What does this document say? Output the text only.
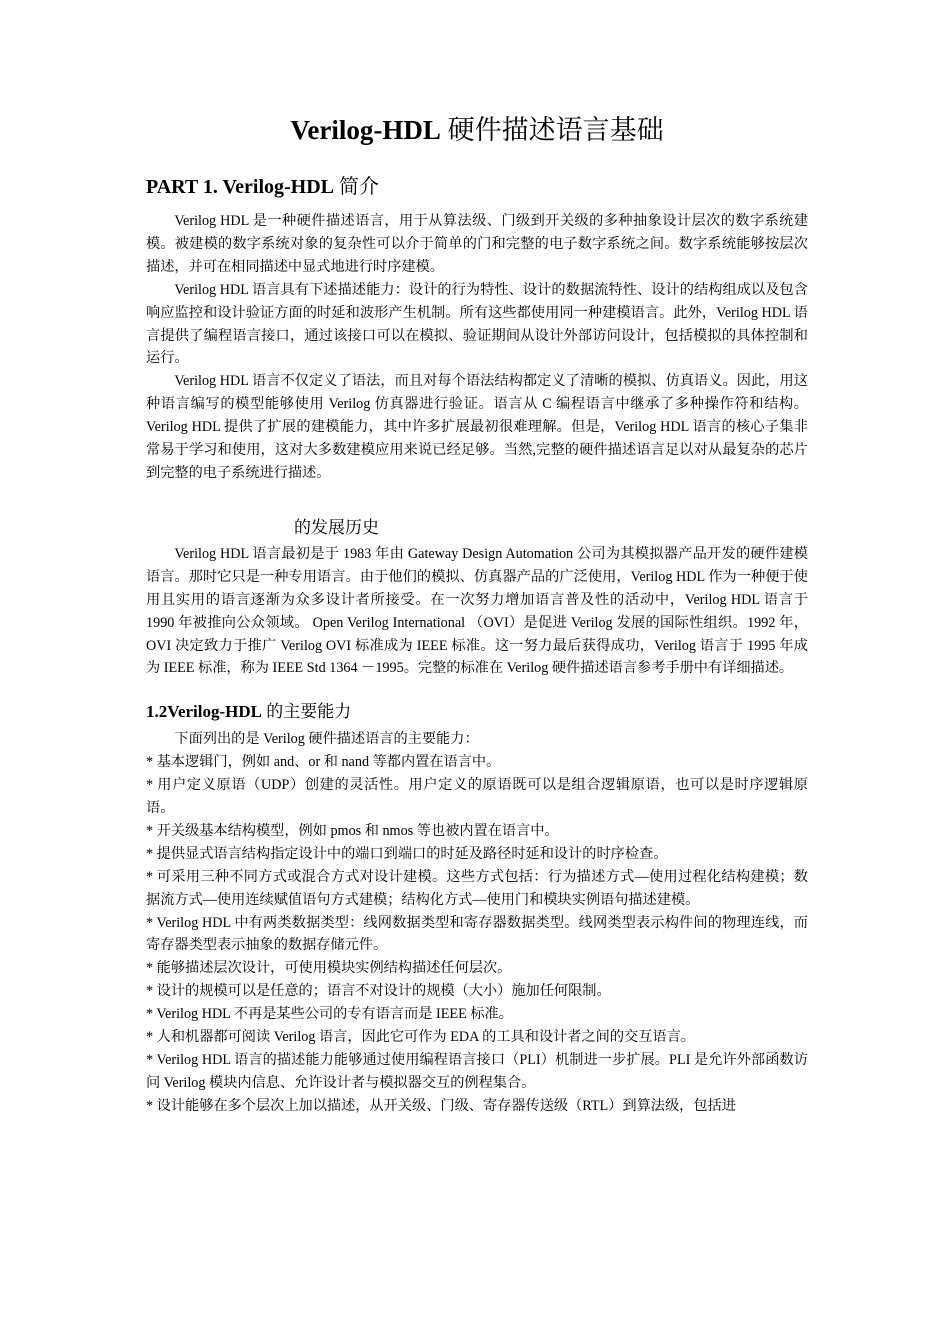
Verilog-HDL 硬件描述语言基础
PART 1. Verilog-HDL 简介

Verilog HDL 是一种硬件描述语言，用于从算法级、门级到开关级的多种抽象设计层次的数字系统建模。被建模的数字系统对象的复杂性可以介于简单的门和完整的电子数字系统之间。数字系统能够按层次描述，并可在相同描述中显式地进行时序建模。

Verilog HDL 语言具有下述描述能力：设计的行为特性、设计的数据流特性、设计的结构组成以及包含响应监控和设计验证方面的时延和波形产生机制。所有这些都使用同一种建模语言。此外，Verilog HDL 语言提供了编程语言接口，通过该接口可以在模拟、验证期间从设计外部访问设计，包括模拟的具体控制和运行。

Verilog HDL 语言不仅定义了语法，而且对每个语法结构都定义了清晰的模拟、仿真语义。因此，用这种语言编写的模型能够使用 Verilog 仿真器进行验证。语言从 C 编程语言中继承了多种操作符和结构。Verilog HDL 提供了扩展的建模能力，其中许多扩展最初很难理解。但是，Verilog HDL 语言的核心子集非常易于学习和使用，这对大多数建模应用来说已经足够。当然,完整的硬件描述语言足以对从最复杂的芯片到完整的电子系统进行描述。

的发展历史

Verilog HDL 语言最初是于 1983 年由 Gateway Design Automation 公司为其模拟器产品开发的硬件建模语言。那时它只是一种专用语言。由于他们的模拟、仿真器产品的广泛使用，Verilog HDL 作为一种便于使用且实用的语言逐渐为众多设计者所接受。在一次努力增加语言普及性的活动中，Verilog HDL 语言于 1990 年被推向公众领域。 Open Verilog International （OVI）是促进 Verilog 发展的国际性组织。1992 年， OVI 决定致力于推广 Verilog OVI 标准成为 IEEE 标准。这一努力最后获得成功，Verilog 语言于 1995 年成为 IEEE 标准，称为 IEEE Std 1364 －1995。完整的标准在 Verilog 硬件描述语言参考手册中有详细描述。

1.2Verilog-HDL 的主要能力

下面列出的是 Verilog 硬件描述语言的主要能力：

* 基本逻辑门，例如 and、or 和 nand 等都内置在语言中。

* 用户定义原语（UDP）创建的灵活性。用户定义的原语既可以是组合逻辑原语，也可以是时序逻辑原语。

* 开关级基本结构模型，例如 pmos 和 nmos 等也被内置在语言中。

* 提供显式语言结构指定设计中的端口到端口的时延及路径时延和设计的时序检查。

* 可采用三种不同方式或混合方式对设计建模。这些方式包括：行为描述方式—使用过程化结构建模；数据流方式—使用连续赋值语句方式建模；结构化方式—使用门和模块实例语句描述建模。

* Verilog HDL 中有两类数据类型：线网数据类型和寄存器数据类型。线网类型表示构件间的物理连线，而寄存器类型表示抽象的数据存储元件。

* 能够描述层次设计，可使用模块实例结构描述任何层次。

* 设计的规模可以是任意的；语言不对设计的规模（大小）施加任何限制。

* Verilog HDL 不再是某些公司的专有语言而是 IEEE 标准。

* 人和机器都可阅读 Verilog 语言，因此它可作为 EDA 的工具和设计者之间的交互语言。

* Verilog HDL 语言的描述能力能够通过使用编程语言接口（PLI）机制进一步扩展。PLI 是允许外部函数访问 Verilog 模块内信息、允许设计者与模拟器交互的例程集合。

* 设计能够在多个层次上加以描述，从开关级、门级、寄存器传送级（RTL）到算法级，包括进
